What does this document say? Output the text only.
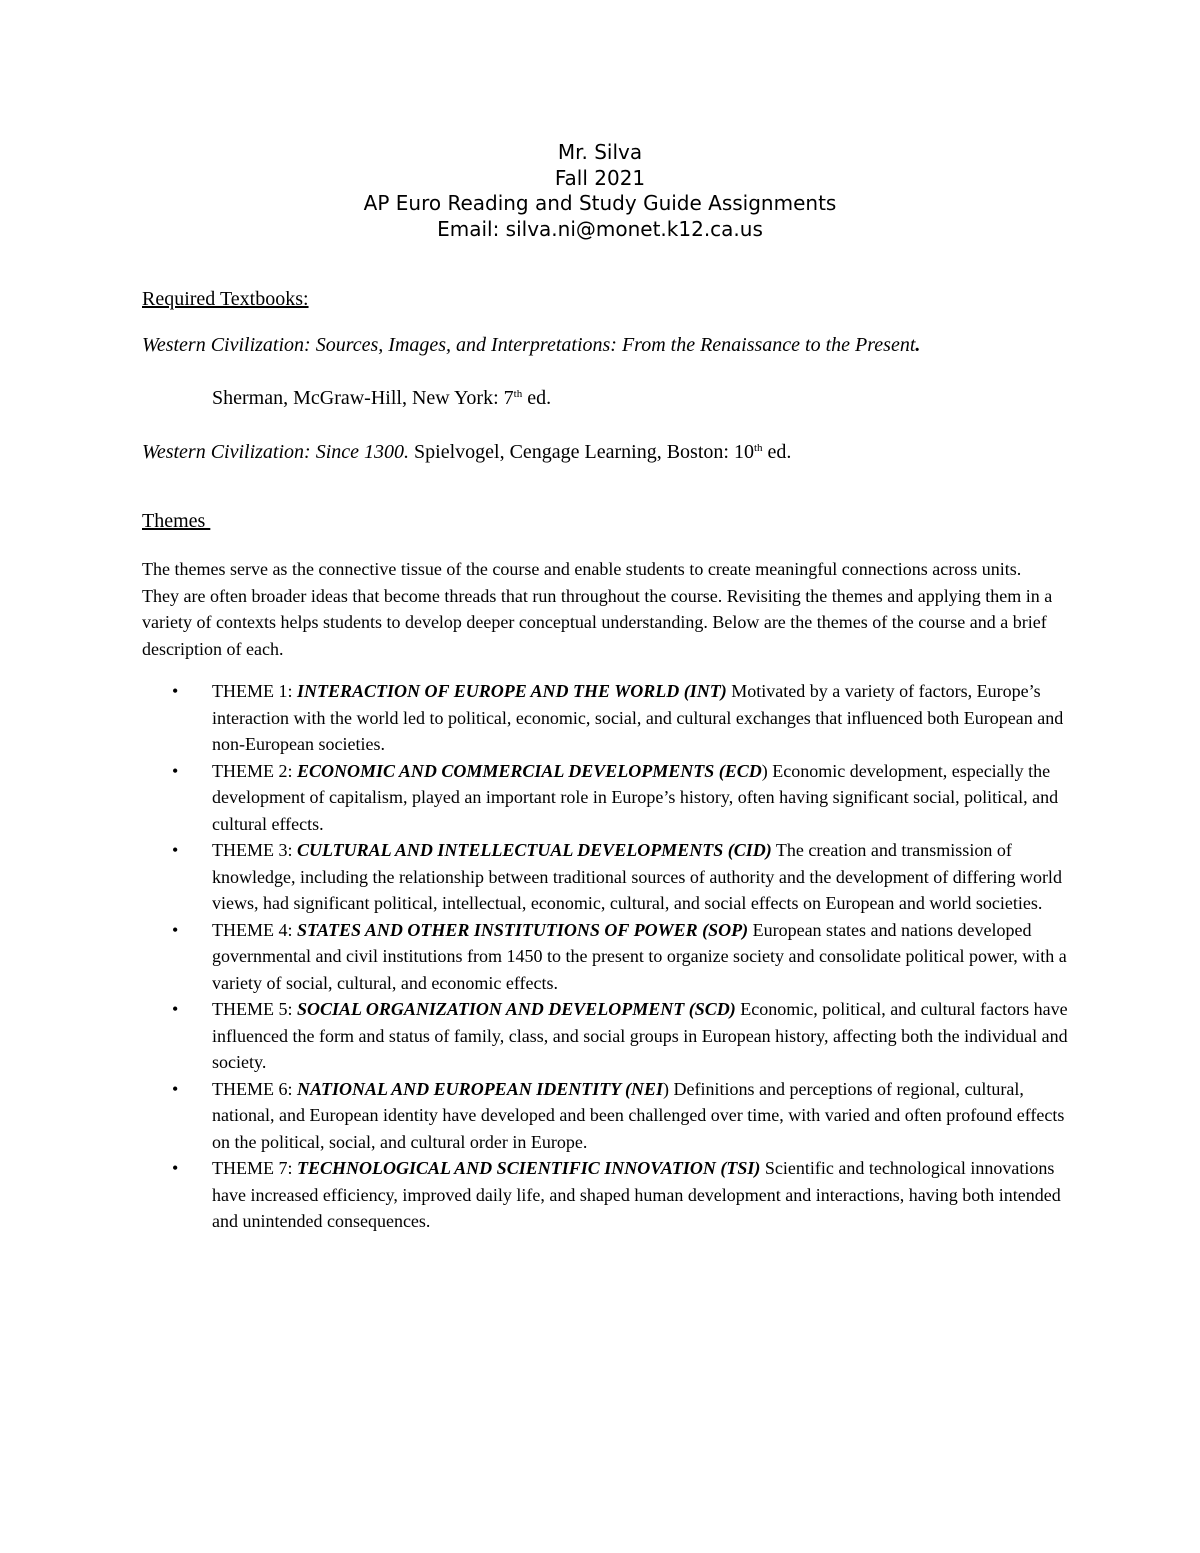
Mr. Silva
Fall 2021
AP Euro Reading and Study Guide Assignments
Email: silva.ni@monet.k12.ca.us
Required Textbooks:
Western Civilization: Sources, Images, and Interpretations: From the Renaissance to the Present.
Sherman, McGraw-Hill, New York: 7th ed.
Western Civilization: Since 1300. Spielvogel, Cengage Learning, Boston: 10th ed.
Themes

The themes serve as the connective tissue of the course and enable students to create meaningful connections across units. They are often broader ideas that become threads that run throughout the course. Revisiting the themes and applying them in a variety of contexts helps students to develop deeper conceptual understanding. Below are the themes of the course and a brief description of each.

• THEME 1: INTERACTION OF EUROPE AND THE WORLD (INT) Motivated by a variety of factors, Europe’s interaction with the world led to political, economic, social, and cultural exchanges that influenced both European and non-European societies.
• THEME 2: ECONOMIC AND COMMERCIAL DEVELOPMENTS (ECD) Economic development, especially the development of capitalism, played an important role in Europe’s history, often having significant social, political, and cultural effects.
• THEME 3: CULTURAL AND INTELLECTUAL DEVELOPMENTS (CID) The creation and transmission of knowledge, including the relationship between traditional sources of authority and the development of differing world views, had significant political, intellectual, economic, cultural, and social effects on European and world societies.
• THEME 4: STATES AND OTHER INSTITUTIONS OF POWER (SOP) European states and nations developed governmental and civil institutions from 1450 to the present to organize society and consolidate political power, with a variety of social, cultural, and economic effects.
• THEME 5: SOCIAL ORGANIZATION AND DEVELOPMENT (SCD) Economic, political, and cultural factors have influenced the form and status of family, class, and social groups in European history, affecting both the individual and society.
• THEME 6: NATIONAL AND EUROPEAN IDENTITY (NEI) Definitions and perceptions of regional, cultural, national, and European identity have developed and been challenged over time, with varied and often profound effects on the political, social, and cultural order in Europe.
• THEME 7: TECHNOLOGICAL AND SCIENTIFIC INNOVATION (TSI) Scientific and technological innovations have increased efficiency, improved daily life, and shaped human development and interactions, having both intended and unintended consequences.
